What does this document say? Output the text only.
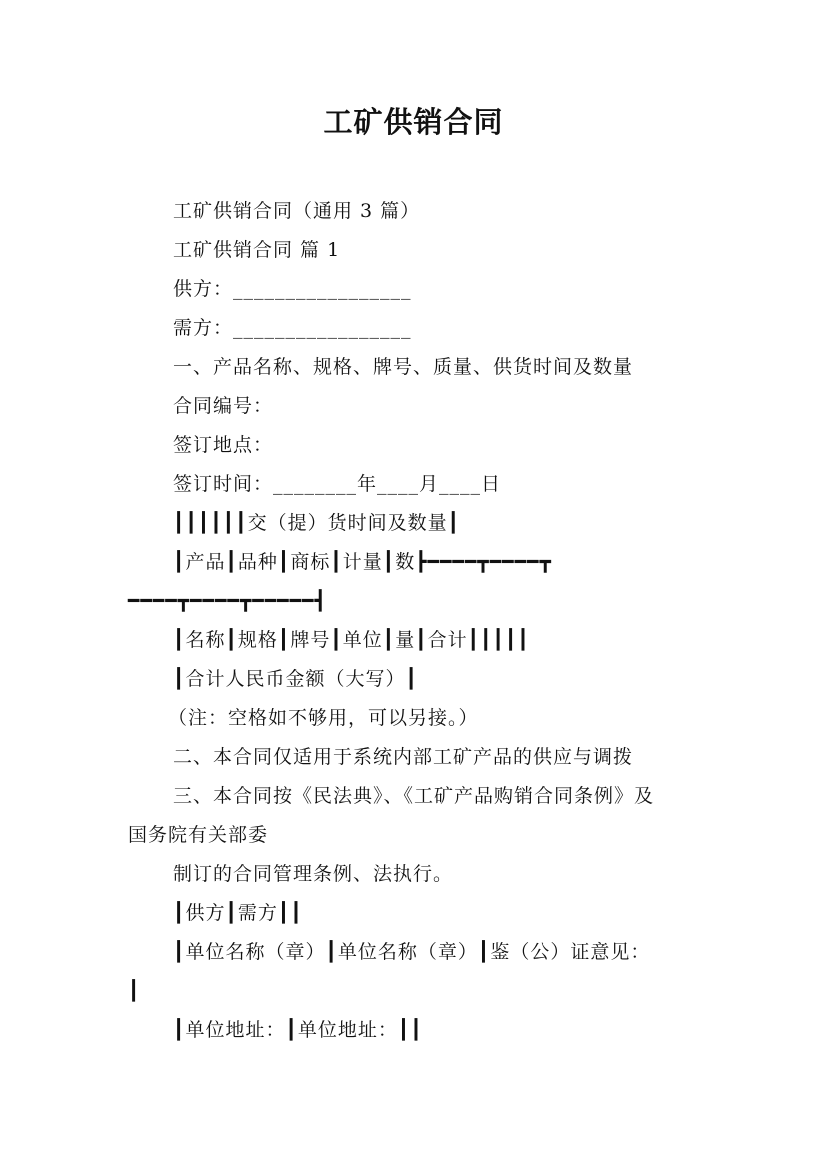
工矿供销合同

工矿供销合同（通用 3 篇）

工矿供销合同 篇 1

供方：_________________

需方：_________________

一、产品名称、规格、牌号、质量、供货时间及数量

合同编号：

签订地点：

签订时间：________年____月____日

┃┃┃┃┃┃交（提）货时间及数量┃

┃产品┃品种┃商标┃计量┃数┣━━━━┳━━━━┳

━━━━┳━━━━┳━━━━━┫

┃名称┃规格┃牌号┃单位┃量┃合计┃┃┃┃┃

┃合计人民币金额（大写）┃

（注：空格如不够用，可以另接。）

二、本合同仅适用于系统内部工矿产品的供应与调拨

三、本合同按《民法典》、《工矿产品购销合同条例》及

国务院有关部委

制订的合同管理条例、法执行。

┃供方┃需方┃┃

┃单位名称（章）┃单位名称（章）┃鉴（公）证意见：

┃

┃单位地址：┃单位地址：┃┃
